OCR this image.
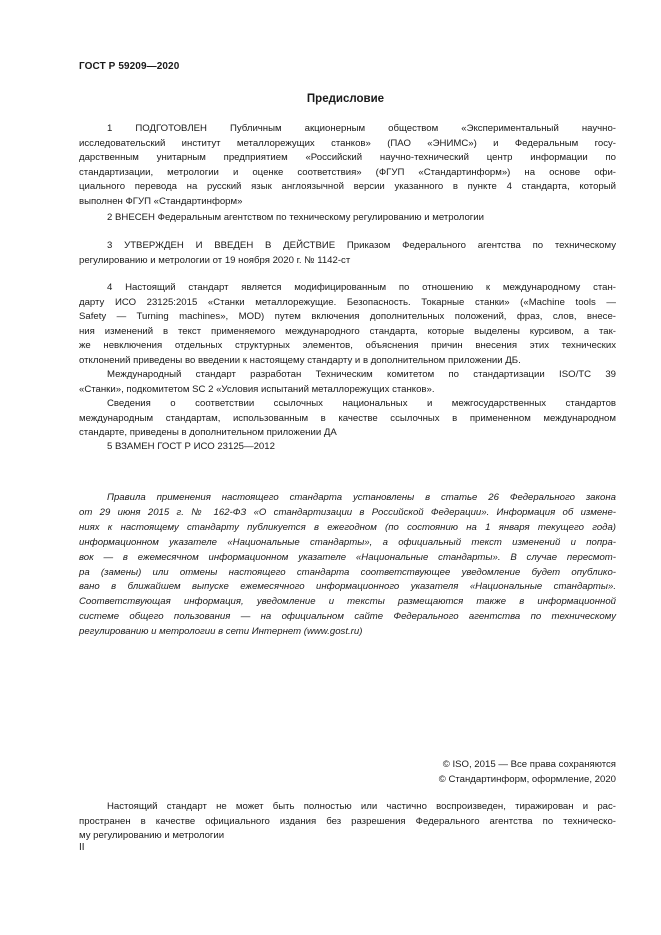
ГОСТ Р 59209—2020
Предисловие
1 ПОДГОТОВЛЕН Публичным акционерным обществом «Экспериментальный научно-
исследовательский институт металлорежущих станков» (ПАО «ЭНИМС») и Федеральным госу-
дарственным унитарным предприятием «Российский научно-технический центр информации по
стандартизации, метрологии и оценке соответствия» (ФГУП «Стандартинформ») на основе офи-
циального перевода на русский язык англоязычной версии указанного в пункте 4 стандарта, который
выполнен ФГУП «Стандартинформ»
2 ВНЕСЕН Федеральным агентством по техническому регулированию и метрологии
3 УТВЕРЖДЕН И ВВЕДЕН В ДЕЙСТВИЕ Приказом Федерального агентства по техническому
регулированию и метрологии от 19 ноября 2020 г. № 1142-ст
4 Настоящий стандарт является модифицированным по отношению к международному стан-
дарту ИСО 23125:2015 «Станки металлорежущие. Безопасность. Токарные станки» («Machine tools —
Safety — Turning machines», MOD) путем включения дополнительных положений, фраз, слов, внесе-
ния изменений в текст применяемого международного стандарта, которые выделены курсивом, а так-
же невключения отдельных структурных элементов, объяснения причин внесения этих технических
отклонений приведены во введении к настоящему стандарту и в дополнительном приложении ДБ.
Международный стандарт разработан Техническим комитетом по стандартизации ISO/TC 39
«Станки», подкомитетом SC 2 «Условия испытаний металлорежущих станков».
Сведения о соответствии ссылочных национальных и межгосударственных стандартов
международным стандартам, использованным в качестве ссылочных в примененном международном
стандарте, приведены в дополнительном приложении ДА
5 ВЗАМЕН ГОСТ Р ИСО 23125—2012
Правила применения настоящего стандарта установлены в статье 26 Федерального закона
от 29 июня 2015 г. № 162-ФЗ «О стандартизации в Российской Федерации». Информация об измене-
ниях к настоящему стандарту публикуется в ежегодном (по состоянию на 1 января текущего года)
информационном указателе «Национальные стандарты», а официальный текст изменений и попра-
вок — в ежемесячном информационном указателе «Национальные стандарты». В случае пересмот-
ра (замены) или отмены настоящего стандарта соответствующее уведомление будет опублико-
вано в ближайшем выпуске ежемесячного информационного указателя «Национальные стандарты».
Соответствующая информация, уведомление и тексты размещаются также в информационной
системе общего пользования — на официальном сайте Федерального агентства по техническому
регулированию и метрологии в сети Интернет (www.gost.ru)
© ISO, 2015 — Все права сохраняются
© Стандартинформ, оформление, 2020
Настоящий стандарт не может быть полностью или частично воспроизведен, тиражирован и рас-
пространен в качестве официального издания без разрешения Федерального агентства по техническо-
му регулированию и метрологии
II
